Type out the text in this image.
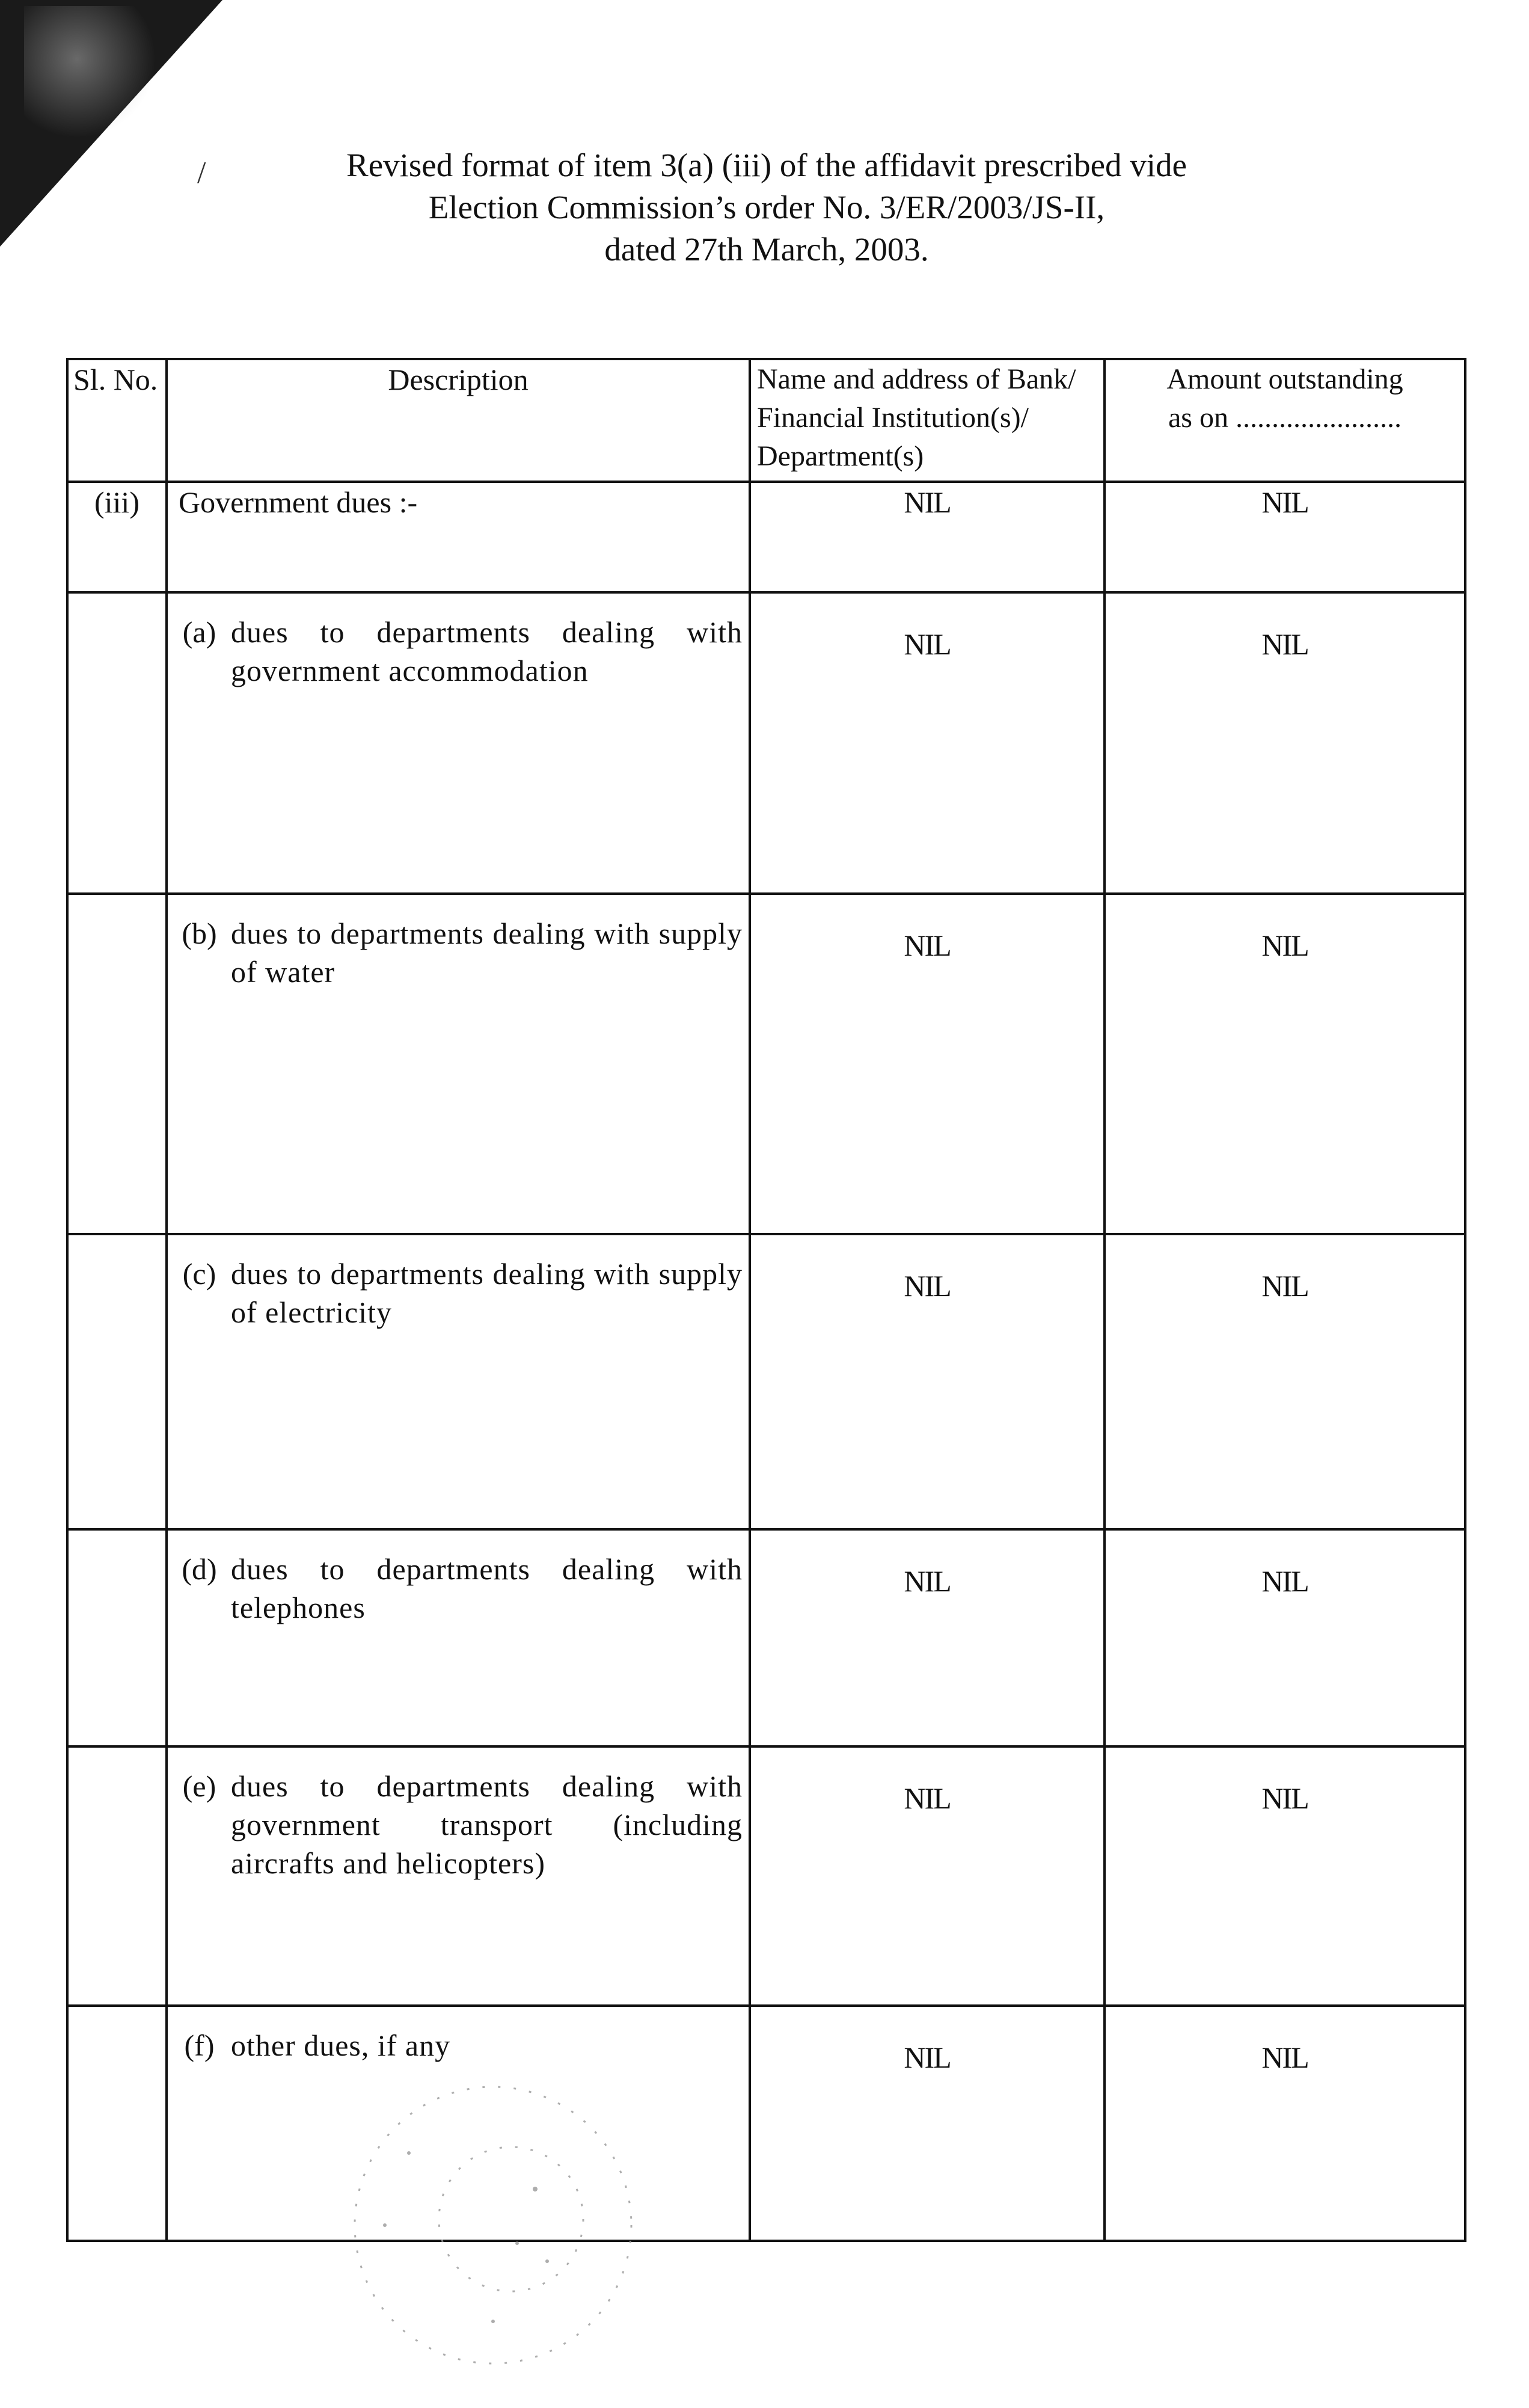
/	Revised format of item 3(a) (iii) of the affidavit prescribed vide
Election Commission’s order No. 3/ER/2003/JS-II,
dated 27th March, 2003.
Sl. No.	Description	Name and address of Bank/
Financial Institution(s)/
Department(s)	Amount outstanding
as on .......................
(iii)	Government dues :-	NIL	NIL

	(a) dues to departments dealing with government accommodation	NIL	NIL

	(b) dues to departments dealing with supply of water	NIL	NIL

	(c) dues to departments dealing with supply of electricity	NIL	NIL

	(d) dues to departments dealing with telephones	NIL	NIL

	(e) dues to departments dealing with government transport (including aircrafts and helicopters)	NIL	NIL

	(f) other dues, if any	NIL	NIL
